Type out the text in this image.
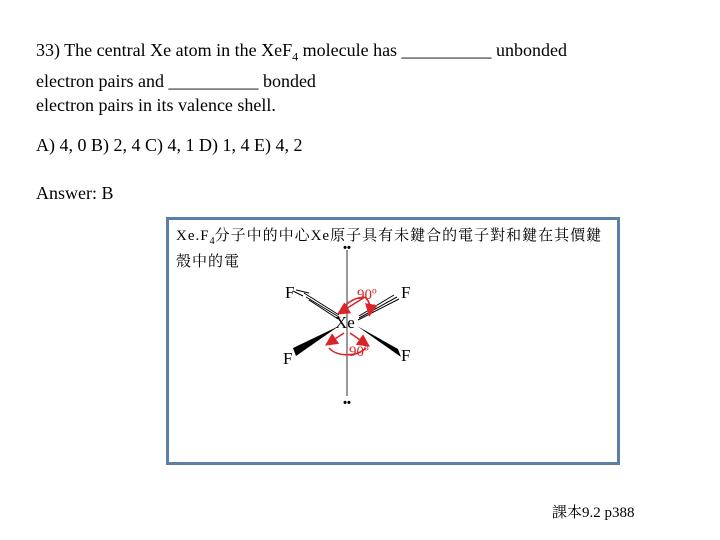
33) The central Xe atom in the XeF$_4$ molecule has __________ unbonded
electron pairs and __________ bonded
electron pairs in its valence shell.
A) 4, 0 B) 2, 4 C) 4, 1 D) 1, 4 E) 4, 2
Answer: B
$Xe.F_4$分子中的中心Xe原子具有未鍵合的電子對和鍵在其價鍵殼中的電
••
••
Xe
F	F
F	F
90º
90º
課本9.2 p388
